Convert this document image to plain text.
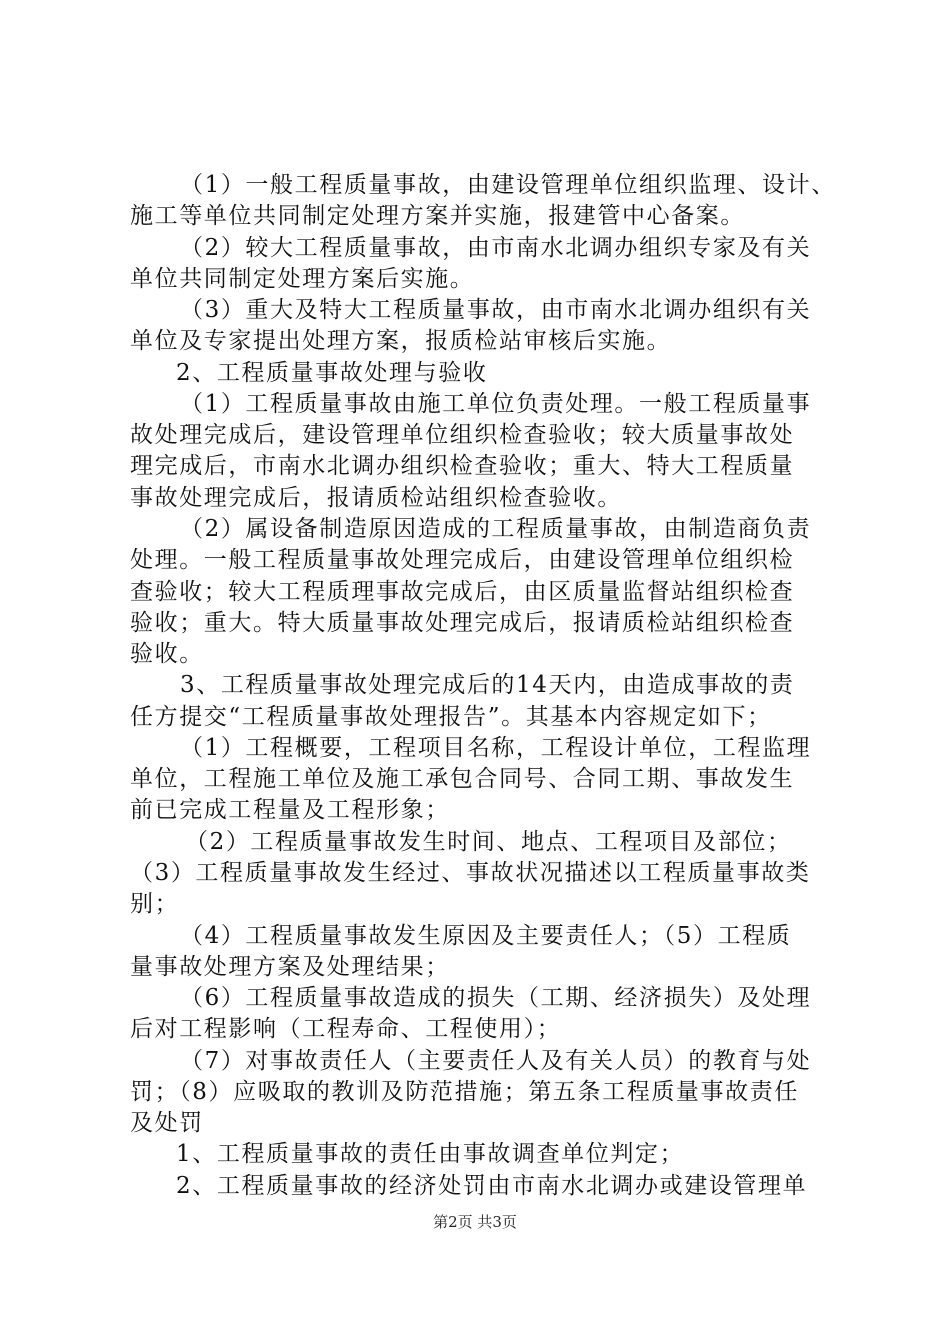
（1）一般工程质量事故，由建设管理单位组织监理、设计、
施工等单位共同制定处理方案并实施，报建管中心备案。
（2）较大工程质量事故，由市南水北调办组织专家及有关
单位共同制定处理方案后实施。
（3）重大及特大工程质量事故，由市南水北调办组织有关
单位及专家提出处理方案，报质检站审核后实施。
2、工程质量事故处理与验收
（1）工程质量事故由施工单位负责处理。一般工程质量事
故处理完成后，建设管理单位组织检查验收；较大质量事故处
理完成后，市南水北调办组织检查验收；重大、特大工程质量
事故处理完成后，报请质检站组织检查验收。
（2）属设备制造原因造成的工程质量事故，由制造商负责
处理。一般工程质量事故处理完成后，由建设管理单位组织检
查验收；较大工程质理事故完成后，由区质量监督站组织检查
验收；重大。特大质量事故处理完成后，报请质检站组织检查
验收。
3、工程质量事故处理完成后的14天内，由造成事故的责
任方提交“工程质量事故处理报告”。其基本内容规定如下；
（1）工程概要，工程项目名称，工程设计单位，工程监理
单位，工程施工单位及施工承包合同号、合同工期、事故发生
前已完成工程量及工程形象；
（2）工程质量事故发生时间、地点、工程项目及部位；
（3）工程质量事故发生经过、事故状况描述以工程质量事故类
别；
（4）工程质量事故发生原因及主要责任人；（5）工程质
量事故处理方案及处理结果；
（6）工程质量事故造成的损失（工期、经济损失）及处理
后对工程影响（工程寿命、工程使用）；
（7）对事故责任人（主要责任人及有关人员）的教育与处
罚；（8）应吸取的教训及防范措施；第五条工程质量事故责任
及处罚
1、工程质量事故的责任由事故调查单位判定；
2、工程质量事故的经济处罚由市南水北调办或建设管理单
第2页 共3页
